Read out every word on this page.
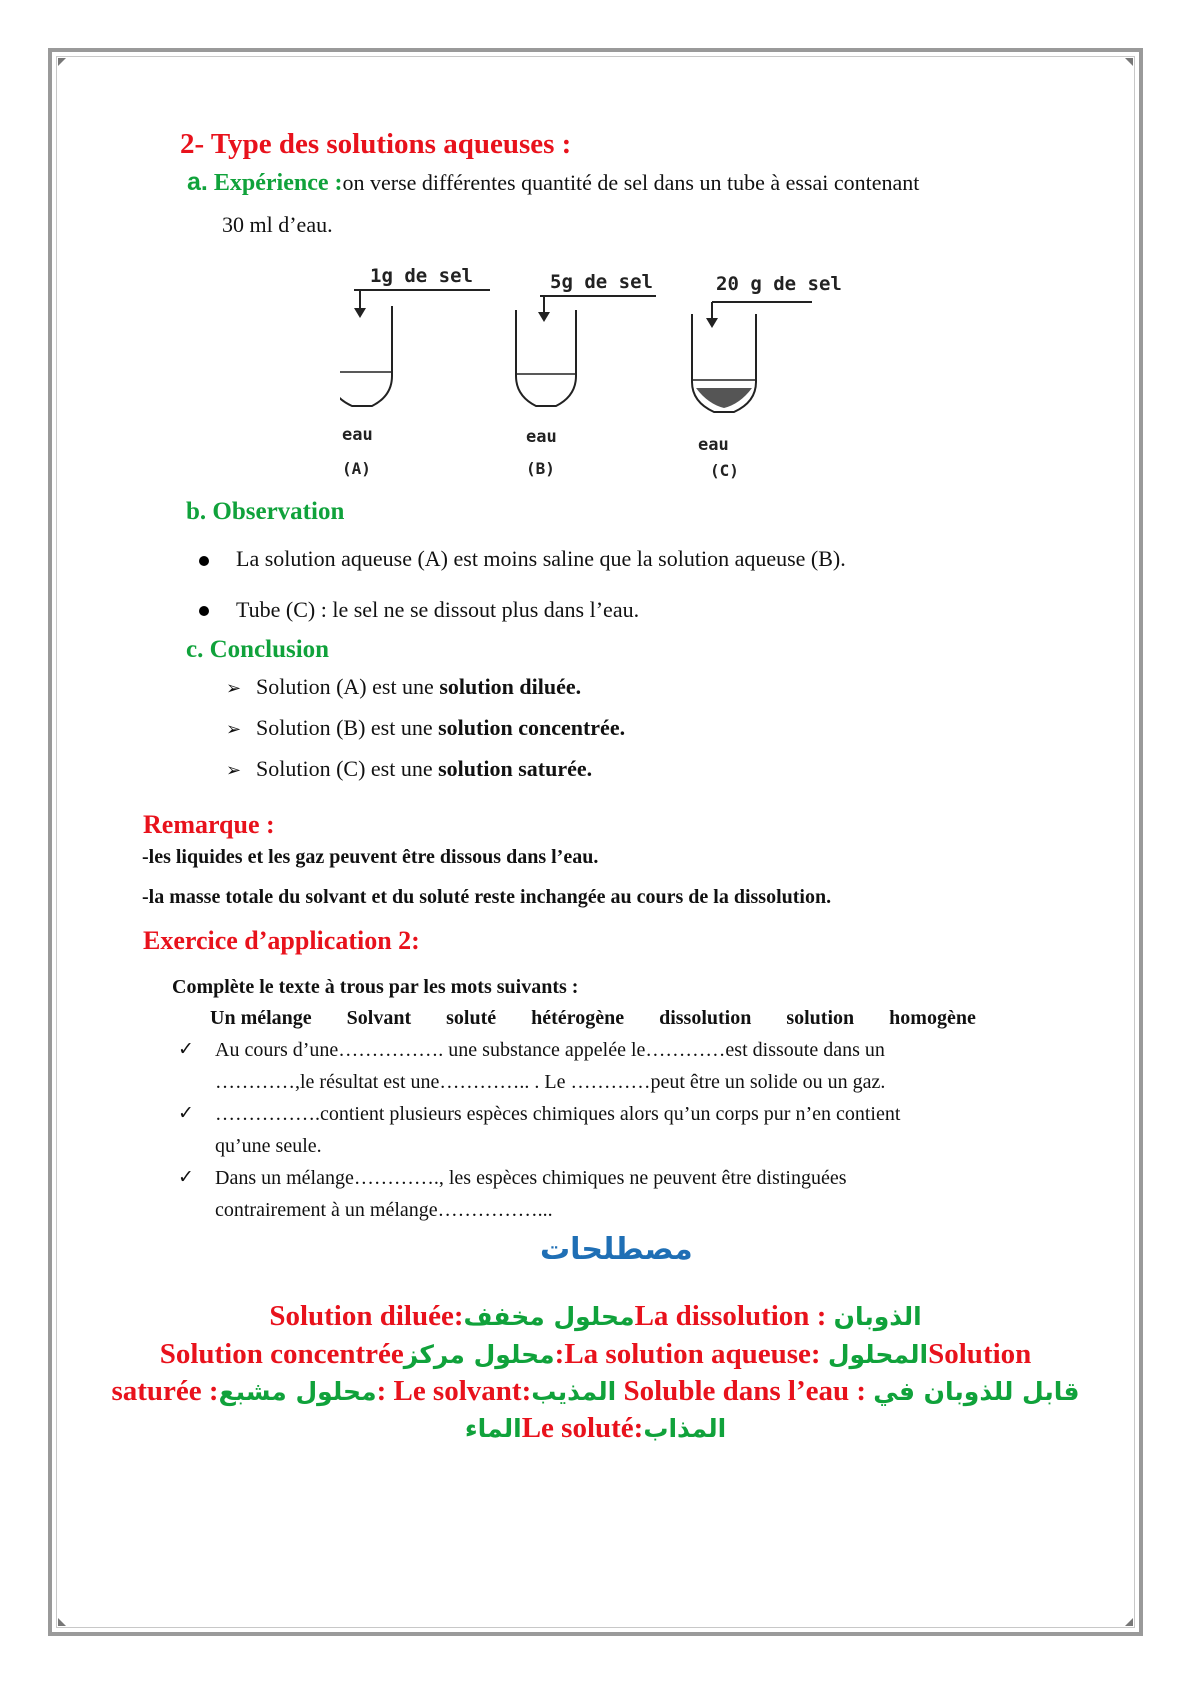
2- Type des solutions aqueuses :
a. Expérience :on verse différentes quantité de sel dans un tube à essai contenant
30 ml d’eau.
1g de sel
eau
(A)
5g de sel
eau
(B)
20 g de sel
eau
(C)
b. Observation
La solution aqueuse (A) est moins saline que la solution aqueuse (B).
Tube (C) : le sel ne se dissout plus dans l’eau.
c. Conclusion
➢ Solution (A) est une solution diluée.
➢ Solution (B) est une solution concentrée.
➢ Solution (C) est une solution saturée.
Remarque :
-les liquides et les gaz peuvent être dissous dans l’eau.
-la masse totale du solvant et du soluté reste inchangée au cours de la dissolution.
Exercice d’application 2:
Complète le texte à trous par les mots suivants :
Un mélange Solvant soluté hétérogène dissolution solution homogène
✓ Au cours d’une……………. une substance appelée le…………est dissoute dans un
…………,le résultat est une………….. . Le …………peut être un solide ou un gaz.
✓ …………….contient plusieurs espèces chimiques alors qu’un corps pur n’en contient
qu’une seule.
✓ Dans un mélange…………., les espèces chimiques ne peuvent être distinguées
contrairement à un mélange……………...
مصطلحات
Solution diluée:محلول مخففLa dissolution : الذوبان
Solution concentréeمحلول مركز:La solution aqueuse: المحلولSolution
saturée :محلول مشبع: Le solvant:المذيب Soluble dans l’eau : قابل للذوبان في
الماءLe soluté:المذاب
